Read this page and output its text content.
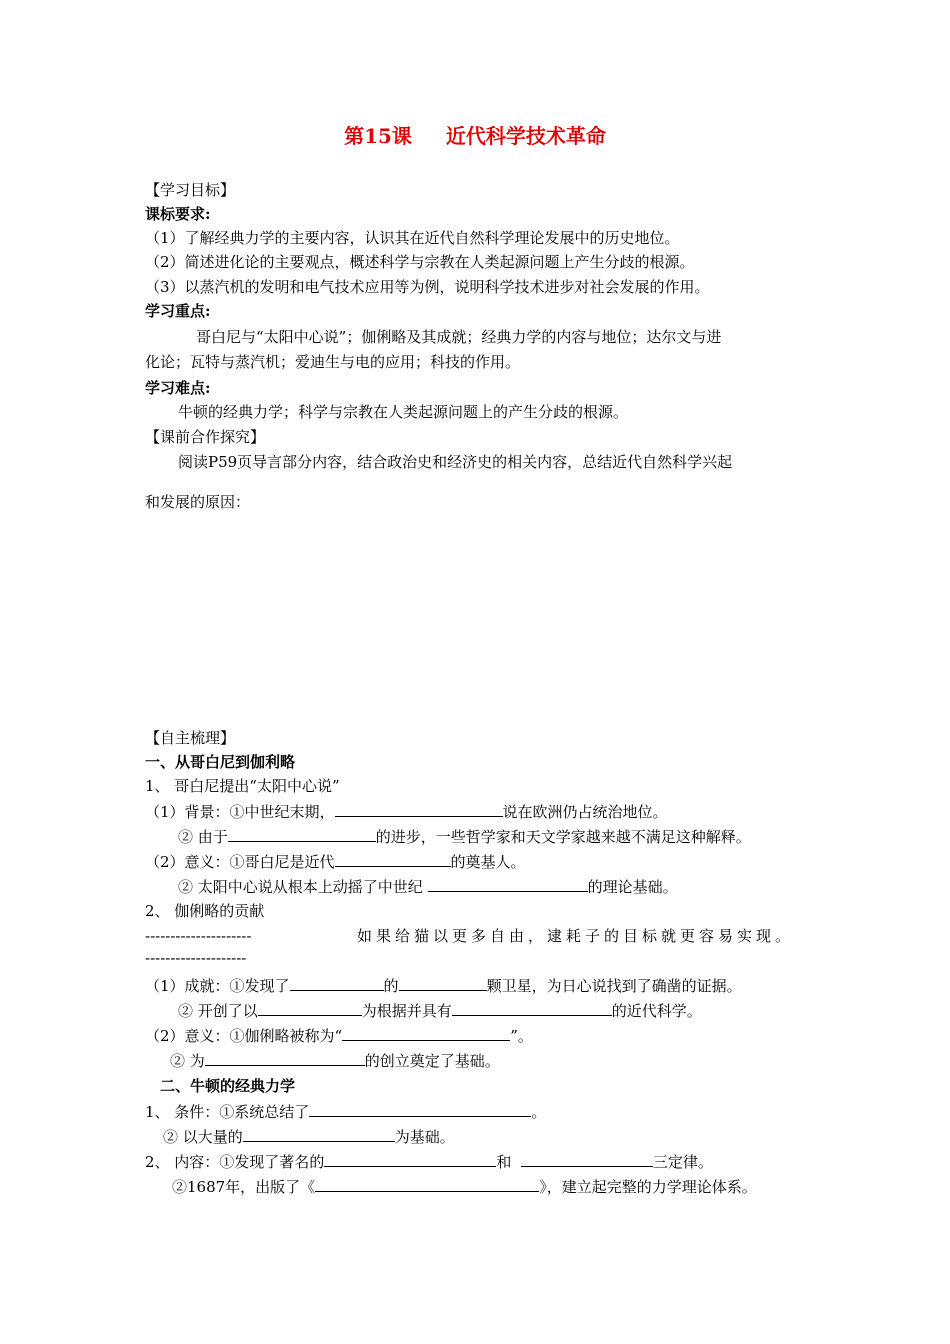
第15课 近代科学技术革命
【学习目标】
课标要求:
（1）了解经典力学的主要内容，认识其在近代自然科学理论发展中的历史地位。
（2）简述进化论的主要观点，概述科学与宗教在人类起源问题上产生分歧的根源。
（3）以蒸汽机的发明和电气技术应用等为例，说明科学技术进步对社会发展的作用。
学习重点:
哥白尼与“太阳中心说”；伽俐略及其成就；经典力学的内容与地位；达尔文与进
化论；瓦特与蒸汽机；爱迪生与电的应用；科技的作用。
学习难点:
牛顿的经典力学；科学与宗教在人类起源问题上的产生分歧的根源。
【课前合作探究】
阅读P59页导言部分内容，结合政治史和经济史的相关内容，总结近代自然科学兴起
和发展的原因：
【自主梳理】
一、从哥白尼到伽利略
1、 哥白尼提出“太阳中心说”
（1）背景：①中世纪末期，	说在欧洲仍占统治地位。
② 由于	的进步，一些哲学家和天文学家越来越不满足这种解释。
（2）意义：①哥白尼是近代	的奠基人。
② 太阳中心说从根本上动摇了中世纪	的理论基础。
2、 伽俐略的贡献
---------------------	如果给猫以更多自由，逮耗子的目标就更容易实现。
--------------------
（1）成就：①发现了	的	颗卫星，为日心说找到了确凿的证据。
② 开创了以	为根据并具有	的近代科学。
（2）意义：①伽俐略被称为“	”。
② 为	的创立奠定了基础。
二、牛顿的经典力学
1、 条件：①系统总结了	。
② 以大量的	为基础。
2、 内容：①发现了著名的	和	三定律。
②1687年，出版了《	》，建立起完整的力学理论体系。
